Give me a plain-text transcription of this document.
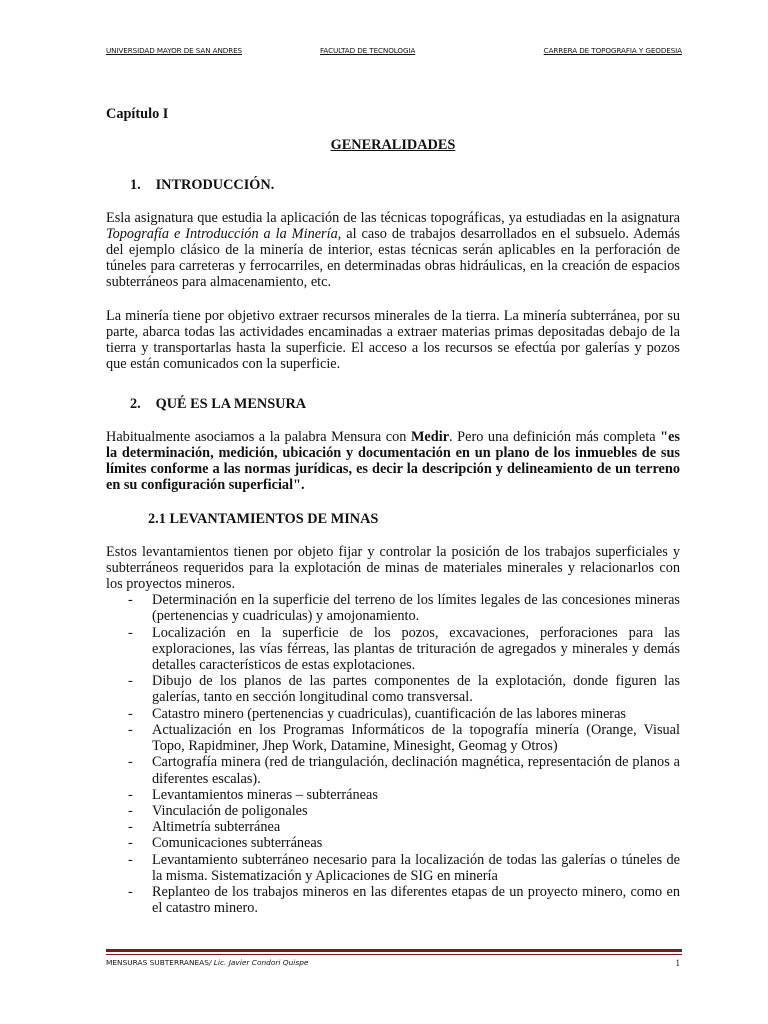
UNIVERSIDAD MAYOR DE SAN ANDRES	FACULTAD DE TECNOLOGIA	CARRERA DE TOPOGRAFIA Y GEODESIA

Capítulo I

GENERALIDADES

1. INTRODUCCIÓN.

Esla asignatura que estudia la aplicación de las técnicas topográficas, ya estudiadas en la asignatura Topografía e Introducción a la Minería, al caso de trabajos desarrollados en el subsuelo. Además del ejemplo clásico de la minería de interior, estas técnicas serán aplicables en la perforación de túneles para carreteras y ferrocarriles, en determinadas obras hidráulicas, en la creación de espacios subterráneos para almacenamiento, etc.

La minería tiene por objetivo extraer recursos minerales de la tierra. La minería subterránea, por su parte, abarca todas las actividades encaminadas a extraer materias primas depositadas debajo de la tierra y transportarlas hasta la superficie. El acceso a los recursos se efectúa por galerías y pozos que están comunicados con la superficie.

2. QUÉ ES LA MENSURA

Habitualmente asociamos a la palabra Mensura con Medir. Pero una definición más completa "es la determinación, medición, ubicación y documentación en un plano de los inmuebles de sus límites conforme a las normas jurídicas, es decir la descripción y delineamiento de un terreno en su configuración superficial".

2.1 LEVANTAMIENTOS DE MINAS

Estos levantamientos tienen por objeto fijar y controlar la posición de los trabajos superficiales y subterráneos requeridos para la explotación de minas de materiales minerales y relacionarlos con los proyectos mineros.

- Determinación en la superficie del terreno de los límites legales de las concesiones mineras (pertenencias y cuadriculas) y amojonamiento.
- Localización en la superficie de los pozos, excavaciones, perforaciones para las exploraciones, las vías férreas, las plantas de trituración de agregados y minerales y demás detalles característicos de estas explotaciones.
- Dibujo de los planos de las partes componentes de la explotación, donde figuren las galerías, tanto en sección longitudinal como transversal.
- Catastro minero (pertenencias y cuadriculas), cuantificación de las labores mineras
- Actualización en los Programas Informáticos de la topografía minería (Orange, Visual Topo, Rapidminer, Jhep Work, Datamine, Minesight, Geomag y Otros)
- Cartografía minera (red de triangulación, declinación magnética, representación de planos a diferentes escalas).
- Levantamientos mineras – subterráneas
- Vinculación de poligonales
- Altimetría subterránea
- Comunicaciones subterráneas
- Levantamiento subterráneo necesario para la localización de todas las galerías o túneles de la misma. Sistematización y Aplicaciones de SIG en minería
- Replanteo de los trabajos mineros en las diferentes etapas de un proyecto minero, como en el catastro minero.
MENSURAS SUBTERRANEAS/ Lic. Javier Condori Quispe	1
